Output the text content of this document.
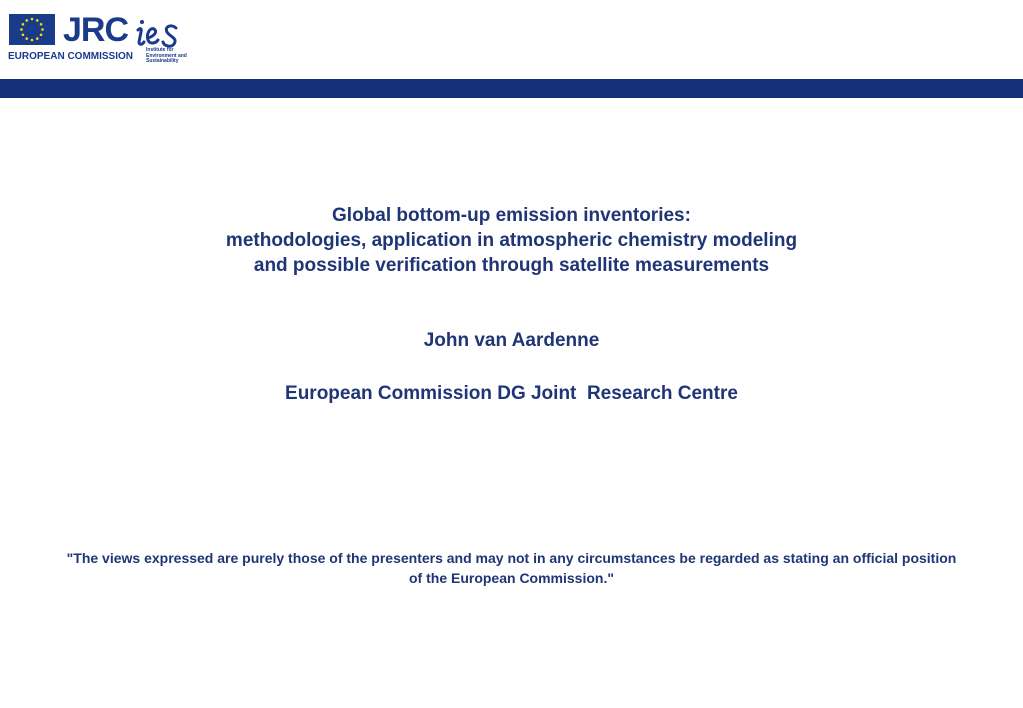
JRC
EUROPEAN COMMISSION
Institute for
Environment and
Sustainability
Global bottom-up emission inventories:
methodologies, application in atmospheric chemistry modeling
and possible verification through satellite measurements
John van Aardenne
European Commission DG Joint  Research Centre
"The views expressed are purely those of the presenters and may not in any circumstances be regarded as stating an official position of the European Commission."
